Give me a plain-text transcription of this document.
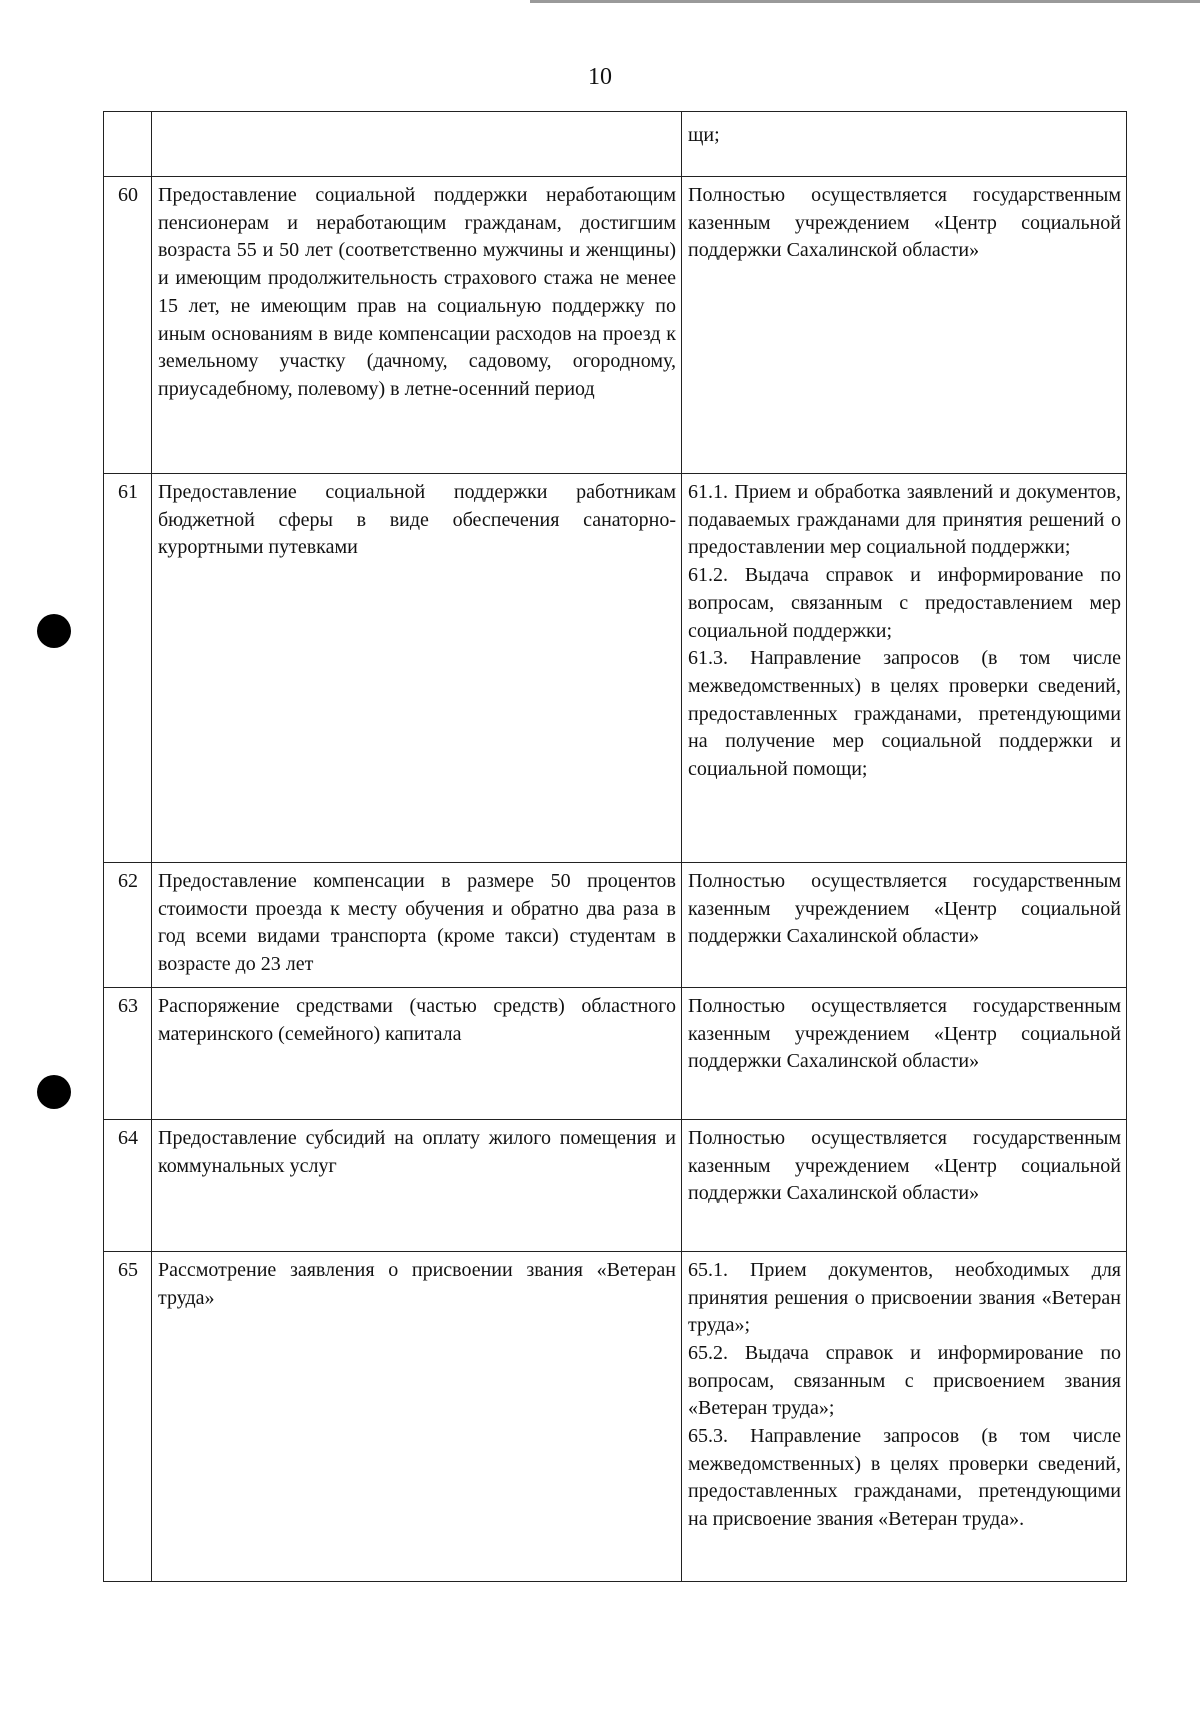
10
		щи;
60	Предоставление социальной поддержки неработающим пенсионерам и неработающим гражданам, достигшим возраста 55 и 50 лет (соответственно мужчины и женщины) и имеющим продолжительность страхового стажа не менее 15 лет, не имеющим прав на социальную поддержку по иным основаниям в виде компенсации расходов на проезд к земельному участку (дачному, садовому, огородному, приусадебному, полевому) в летне-осенний период	Полностью осуществляется государственным казенным учреждением «Центр социальной поддержки Сахалинской области»

61	Предоставление социальной поддержки работникам бюджетной сферы в виде обеспечения санаторно-курортными путевками	61.1. Прием и обработка заявлений и документов, подаваемых гражданами для принятия решений о предоставлении мер социальной поддержки;
61.2. Выдача справок и информирование по вопросам, связанным с предоставлением мер социальной поддержки;
61.3. Направление запросов (в том числе межведомственных) в целях проверки сведений, предоставленных гражданами, претендующими на получение мер социальной поддержки и социальной помощи;

62	Предоставление компенсации в размере 50 процентов стоимости проезда к месту обучения и обратно два раза в год всеми видами транспорта (кроме такси) студентам в возрасте до 23 лет	Полностью осуществляется государственным казенным учреждением «Центр социальной поддержки Сахалинской области»

63	Распоряжение средствами (частью средств) областного материнского (семейного) капитала	Полностью осуществляется государственным казенным учреждением «Центр социальной поддержки Сахалинской области»

64	Предоставление субсидий на оплату жилого помещения и коммунальных услуг	Полностью осуществляется государственным казенным учреждением «Центр социальной поддержки Сахалинской области»

65	Рассмотрение заявления о присвоении звания «Ветеран труда»	65.1. Прием документов, необходимых для принятия решения о присвоении звания «Ветеран труда»;
65.2. Выдача справок и информирование по вопросам, связанным с присвоением звания «Ветеран труда»;
65.3. Направление запросов (в том числе межведомственных) в целях проверки сведений, предоставленных гражданами, претендующими на присвоение звания «Ветеран труда».
